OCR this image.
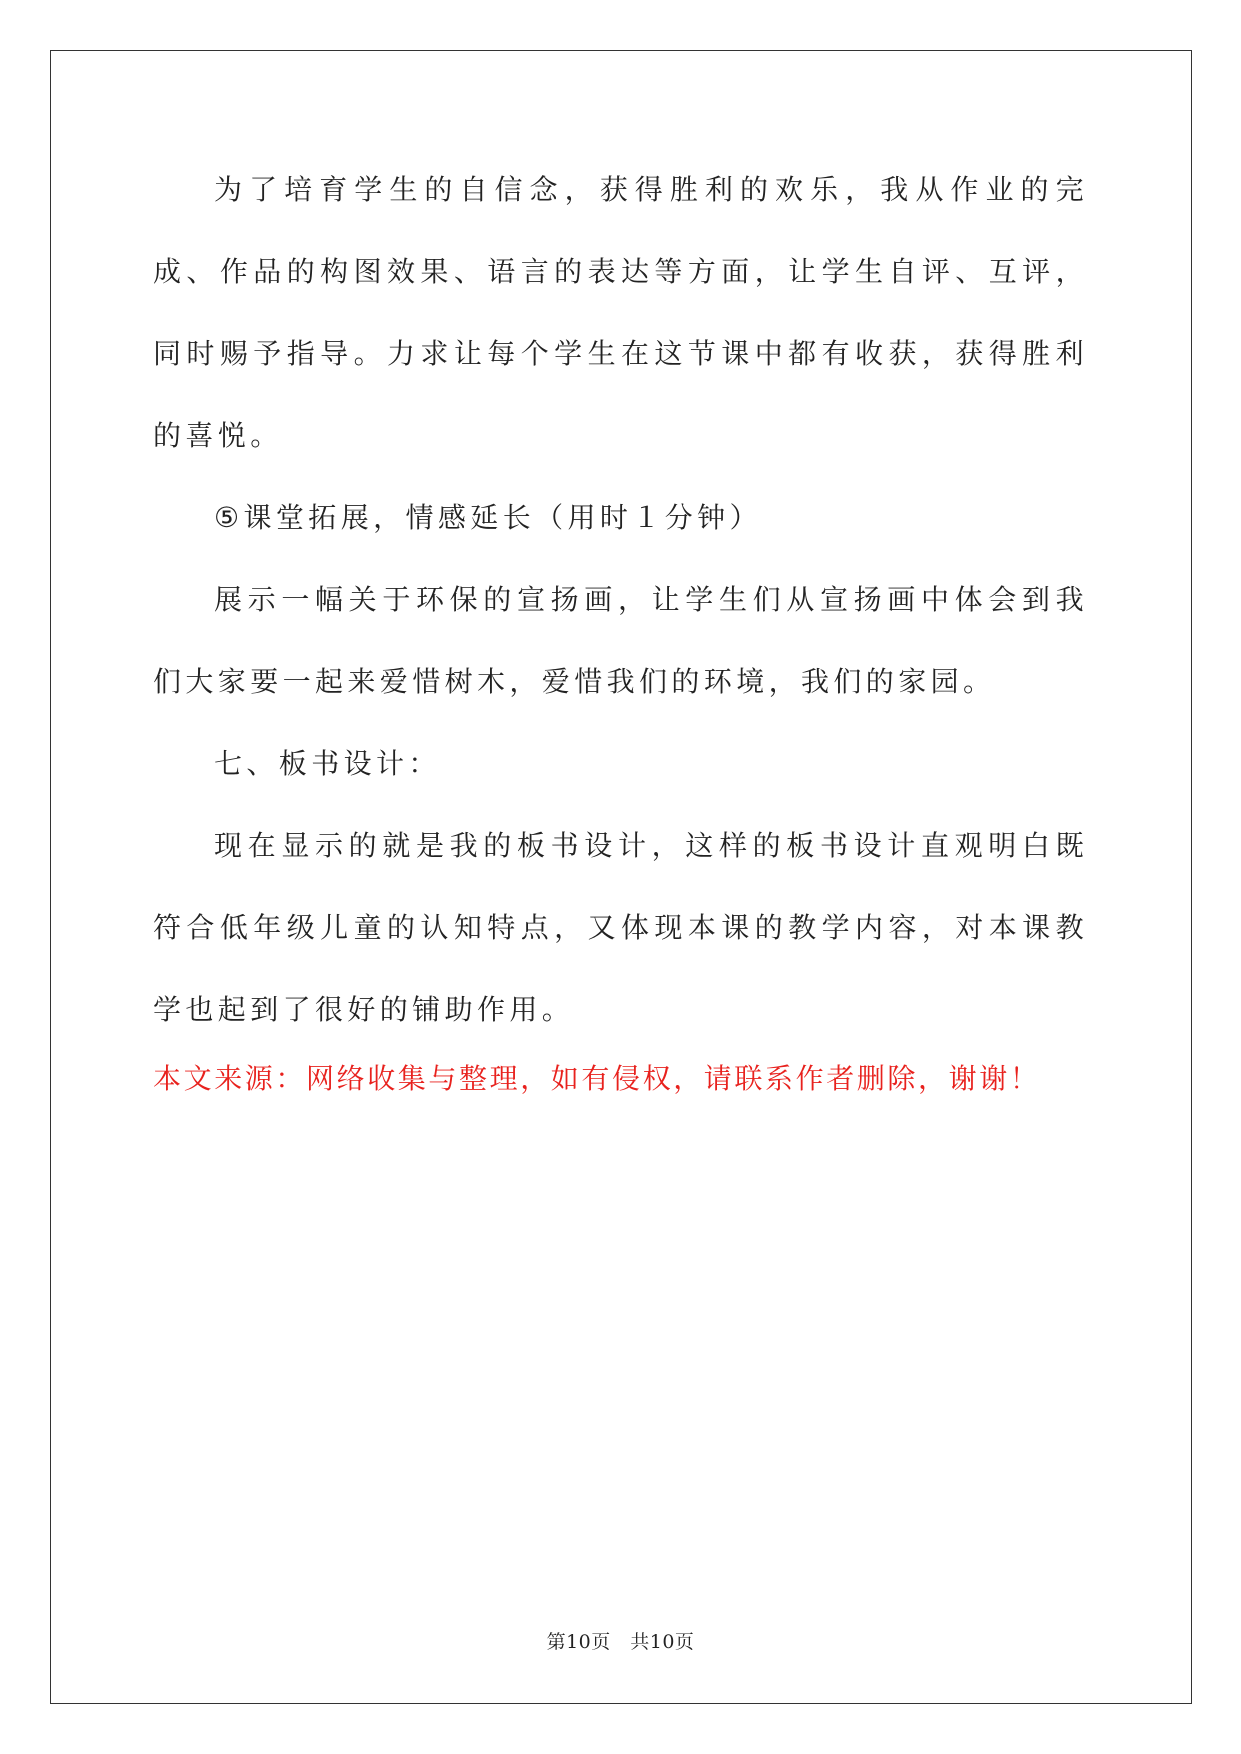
为了培育学生的自信念，获得胜利的欢乐，我从作业的完成、作品的构图效果、语言的表达等方面，让学生自评、互评，同时赐予指导。力求让每个学生在这节课中都有收获，获得胜利的喜悦。

⑤课堂拓展，情感延长（用时１分钟）

展示一幅关于环保的宣扬画，让学生们从宣扬画中体会到我们大家要一起来爱惜树木，爱惜我们的环境，我们的家园。

七、板书设计：

现在显示的就是我的板书设计，这样的板书设计直观明白既符合低年级儿童的认知特点，又体现本课的教学内容，对本课教学也起到了很好的铺助作用。

本文来源：网络收集与整理，如有侵权，请联系作者删除，谢谢！

第10页　共10页
